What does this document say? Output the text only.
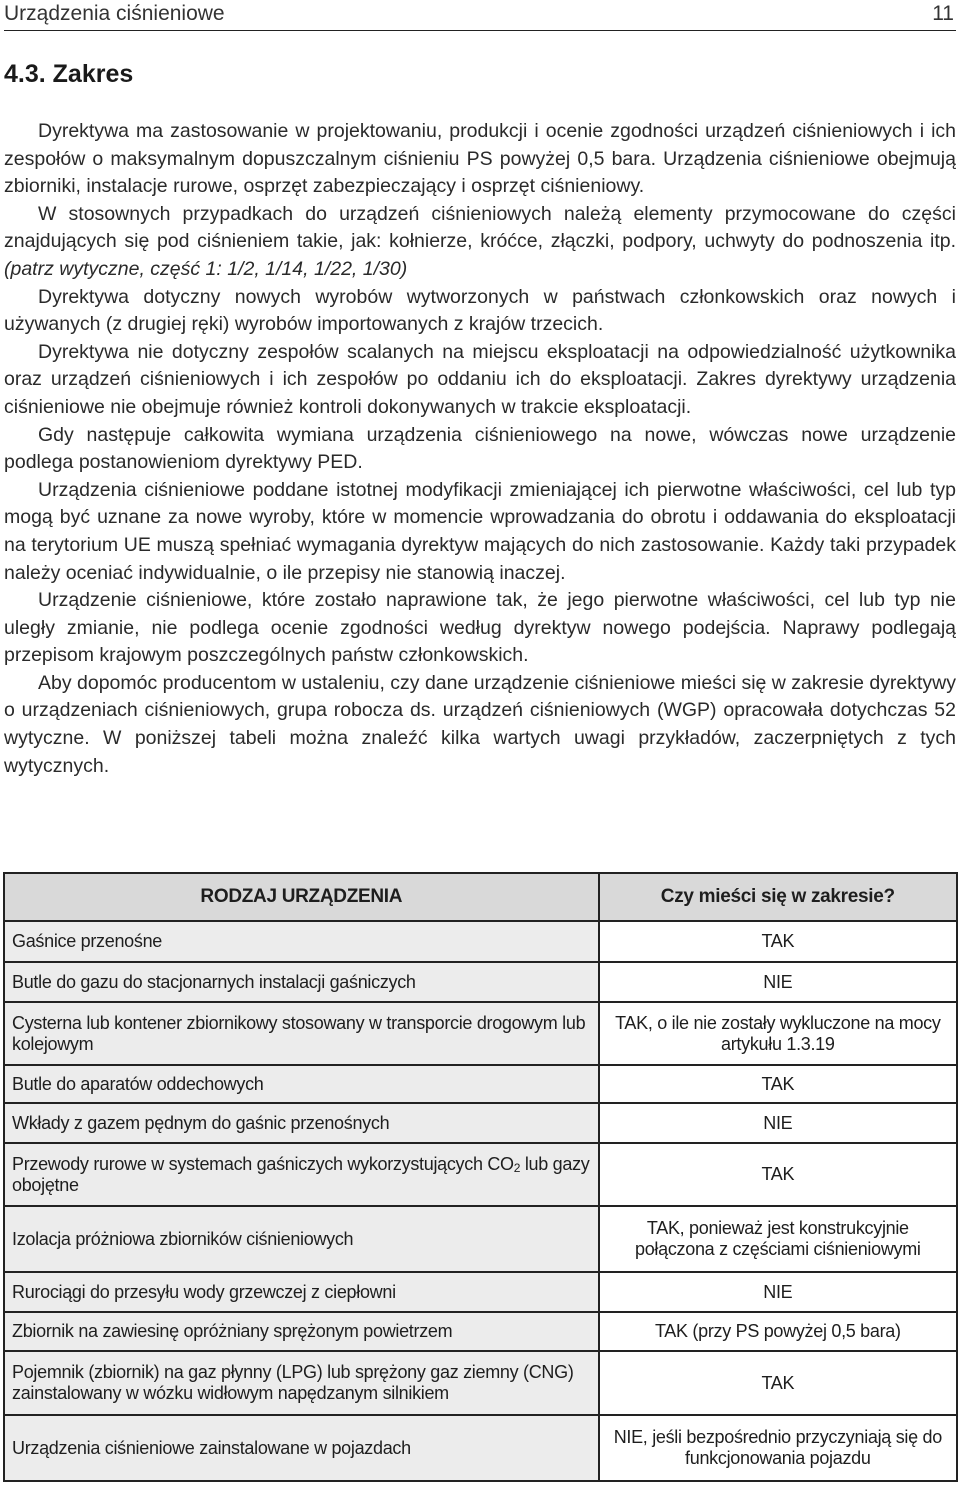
Urządzenia ciśnieniowe	11
4.3. Zakres

Dyrektywa ma zastosowanie w projektowaniu, produkcji i ocenie zgodności urządzeń ciśnieniowych i ich zespołów o maksymalnym dopuszczalnym ciśnieniu PS powyżej 0,5 bara. Urządzenia ciśnieniowe obejmują zbiorniki, instalacje rurowe, osprzęt zabezpieczający i osprzęt ciśnieniowy.

W stosownych przypadkach do urządzeń ciśnieniowych należą elementy przymocowane do części znajdujących się pod ciśnieniem takie, jak: kołnierze, króćce, złączki, podpory, uchwyty do podnoszenia itp. (patrz wytyczne, część 1: 1/2, 1/14, 1/22, 1/30)

Dyrektywa dotyczny nowych wyrobów wytworzonych w państwach członkowskich oraz nowych i używanych (z drugiej ręki) wyrobów importowanych z krajów trzecich.

Dyrektywa nie dotyczny zespołów scalanych na miejscu eksploatacji na odpowiedzialność użytkownika oraz urządzeń ciśnieniowych i ich zespołów po oddaniu ich do eksploatacji. Zakres dyrektywy urządzenia ciśnieniowe nie obejmuje również kontroli dokonywanych w trakcie eksploatacji.

Gdy następuje całkowita wymiana urządzenia ciśnieniowego na nowe, wówczas nowe urządzenie podlega postanowieniom dyrektywy PED.

Urządzenia ciśnieniowe poddane istotnej modyfikacji zmieniającej ich pierwotne właściwości, cel lub typ mogą być uznane za nowe wyroby, które w momencie wprowadzania do obrotu i oddawania do eksploatacji na terytorium UE muszą spełniać wymagania dyrektyw mających do nich zastosowanie. Każdy taki przypadek należy oceniać indywidualnie, o ile przepisy nie stanowią inaczej.

Urządzenie ciśnieniowe, które zostało naprawione tak, że jego pierwotne właściwości, cel lub typ nie uległy zmianie, nie podlega ocenie zgodności według dyrektyw nowego podejścia. Naprawy podlegają przepisom krajowym poszczególnych państw członkowskich.

Aby dopomóc producentom w ustaleniu, czy dane urządzenie ciśnieniowe mieści się w zakresie dyrektywy o urządzeniach ciśnieniowych, grupa robocza ds. urządzeń ciśnieniowych (WGP) opracowała dotychczas 52 wytyczne. W poniższej tabeli można znaleźć kilka wartych uwagi przykładów, zaczerpniętych z tych wytycznych.

RODZAJ URZĄDZENIA	Czy mieści się w zakresie?
Gaśnice przenośne	TAK
Butle do gazu do stacjonarnych instalacji gaśniczych	NIE
Cysterna lub kontener zbiornikowy stosowany w transporcie drogowym lub kolejowym	TAK, o ile nie zostały wykluczone na mocy artykułu 1.3.19
Butle do aparatów oddechowych	TAK
Wkłady z gazem pędnym do gaśnic przenośnych	NIE
Przewody rurowe w systemach gaśniczych wykorzystujących CO2 lub gazy obojętne	TAK
Izolacja próżniowa zbiorników ciśnieniowych	TAK, ponieważ jest konstrukcyjnie połączona z częściami ciśnieniowymi
Rurociągi do przesyłu wody grzewczej z ciepłowni	NIE
Zbiornik na zawiesinę opróżniany sprężonym powietrzem	TAK (przy PS powyżej 0,5 bara)
Pojemnik (zbiornik) na gaz płynny (LPG) lub sprężony gaz ziemny (CNG) zainstalowany w wózku widłowym napędzanym silnikiem	TAK
Urządzenia ciśnieniowe zainstalowane w pojazdach	NIE, jeśli bezpośrednio przyczyniają się do funkcjonowania pojazdu
